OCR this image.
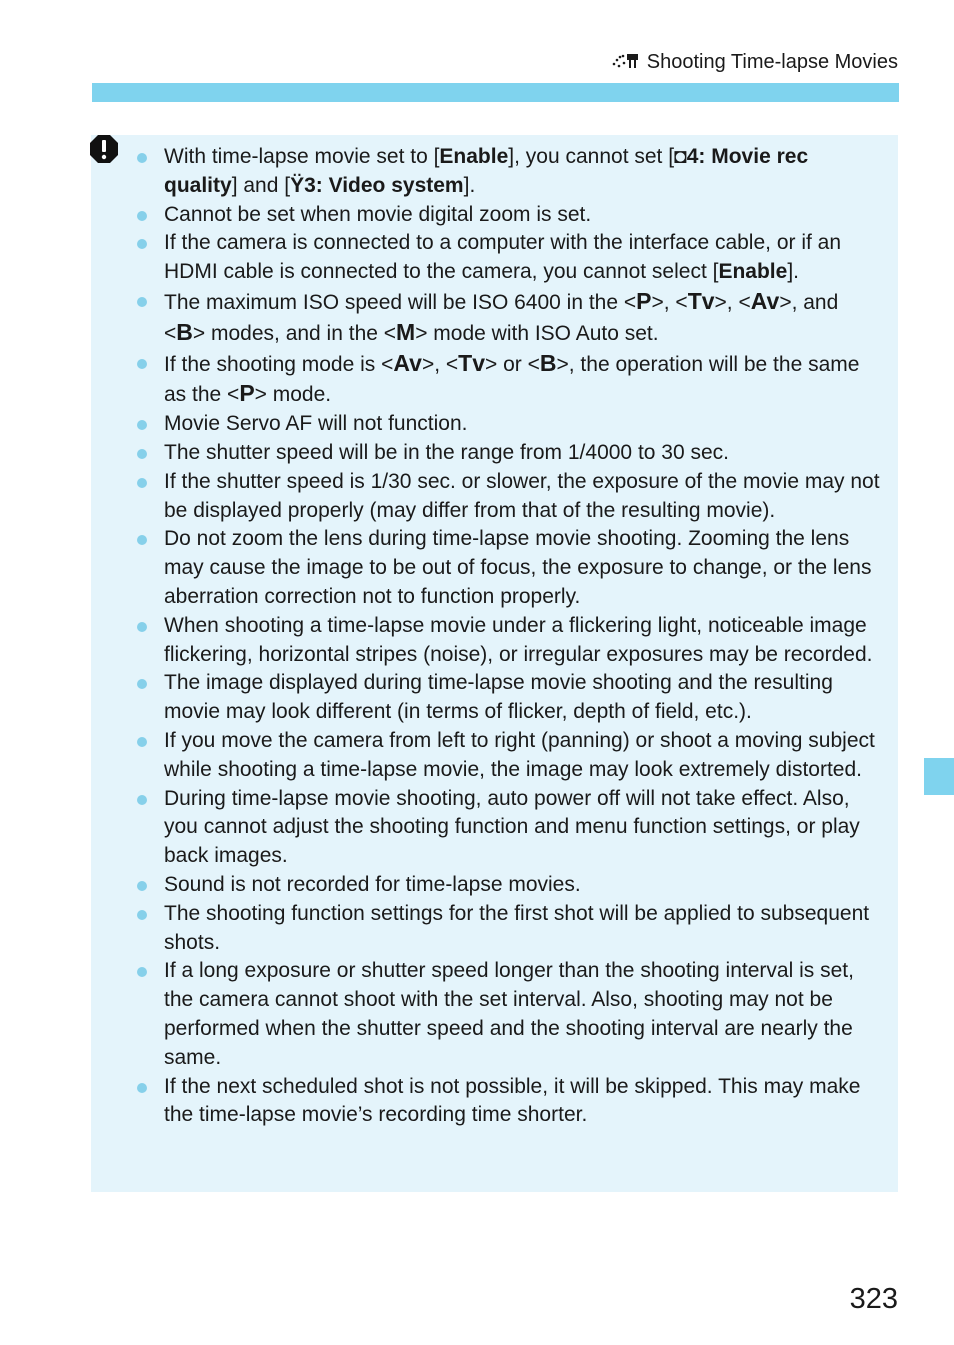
Shooting Time-lapse Movies
With time-lapse movie set to [Enable], you cannot set [◘4: Movie rec quality] and [Ÿ3: Video system].
Cannot be set when movie digital zoom is set.
If the camera is connected to a computer with the interface cable, or if an HDMI cable is connected to the camera, you cannot select [Enable].
The maximum ISO speed will be ISO 6400 in the <P>, <Tv>, <Av>, and <B> modes, and in the <M> mode with ISO Auto set.
If the shooting mode is <Av>, <Tv> or <B>, the operation will be the same as the <P> mode.
Movie Servo AF will not function.
The shutter speed will be in the range from 1/4000 to 30 sec.
If the shutter speed is 1/30 sec. or slower, the exposure of the movie may not be displayed properly (may differ from that of the resulting movie).
Do not zoom the lens during time-lapse movie shooting. Zooming the lens may cause the image to be out of focus, the exposure to change, or the lens aberration correction not to function properly.
When shooting a time-lapse movie under a flickering light, noticeable image flickering, horizontal stripes (noise), or irregular exposures may be recorded.
The image displayed during time-lapse movie shooting and the resulting movie may look different (in terms of flicker, depth of field, etc.).
If you move the camera from left to right (panning) or shoot a moving subject while shooting a time-lapse movie, the image may look extremely distorted.
During time-lapse movie shooting, auto power off will not take effect. Also, you cannot adjust the shooting function and menu function settings, or play back images.
Sound is not recorded for time-lapse movies.
The shooting function settings for the first shot will be applied to subsequent shots.
If a long exposure or shutter speed longer than the shooting interval is set, the camera cannot shoot with the set interval. Also, shooting may not be performed when the shutter speed and the shooting interval are nearly the same.
If the next scheduled shot is not possible, it will be skipped. This may make the time-lapse movie’s recording time shorter.
323
